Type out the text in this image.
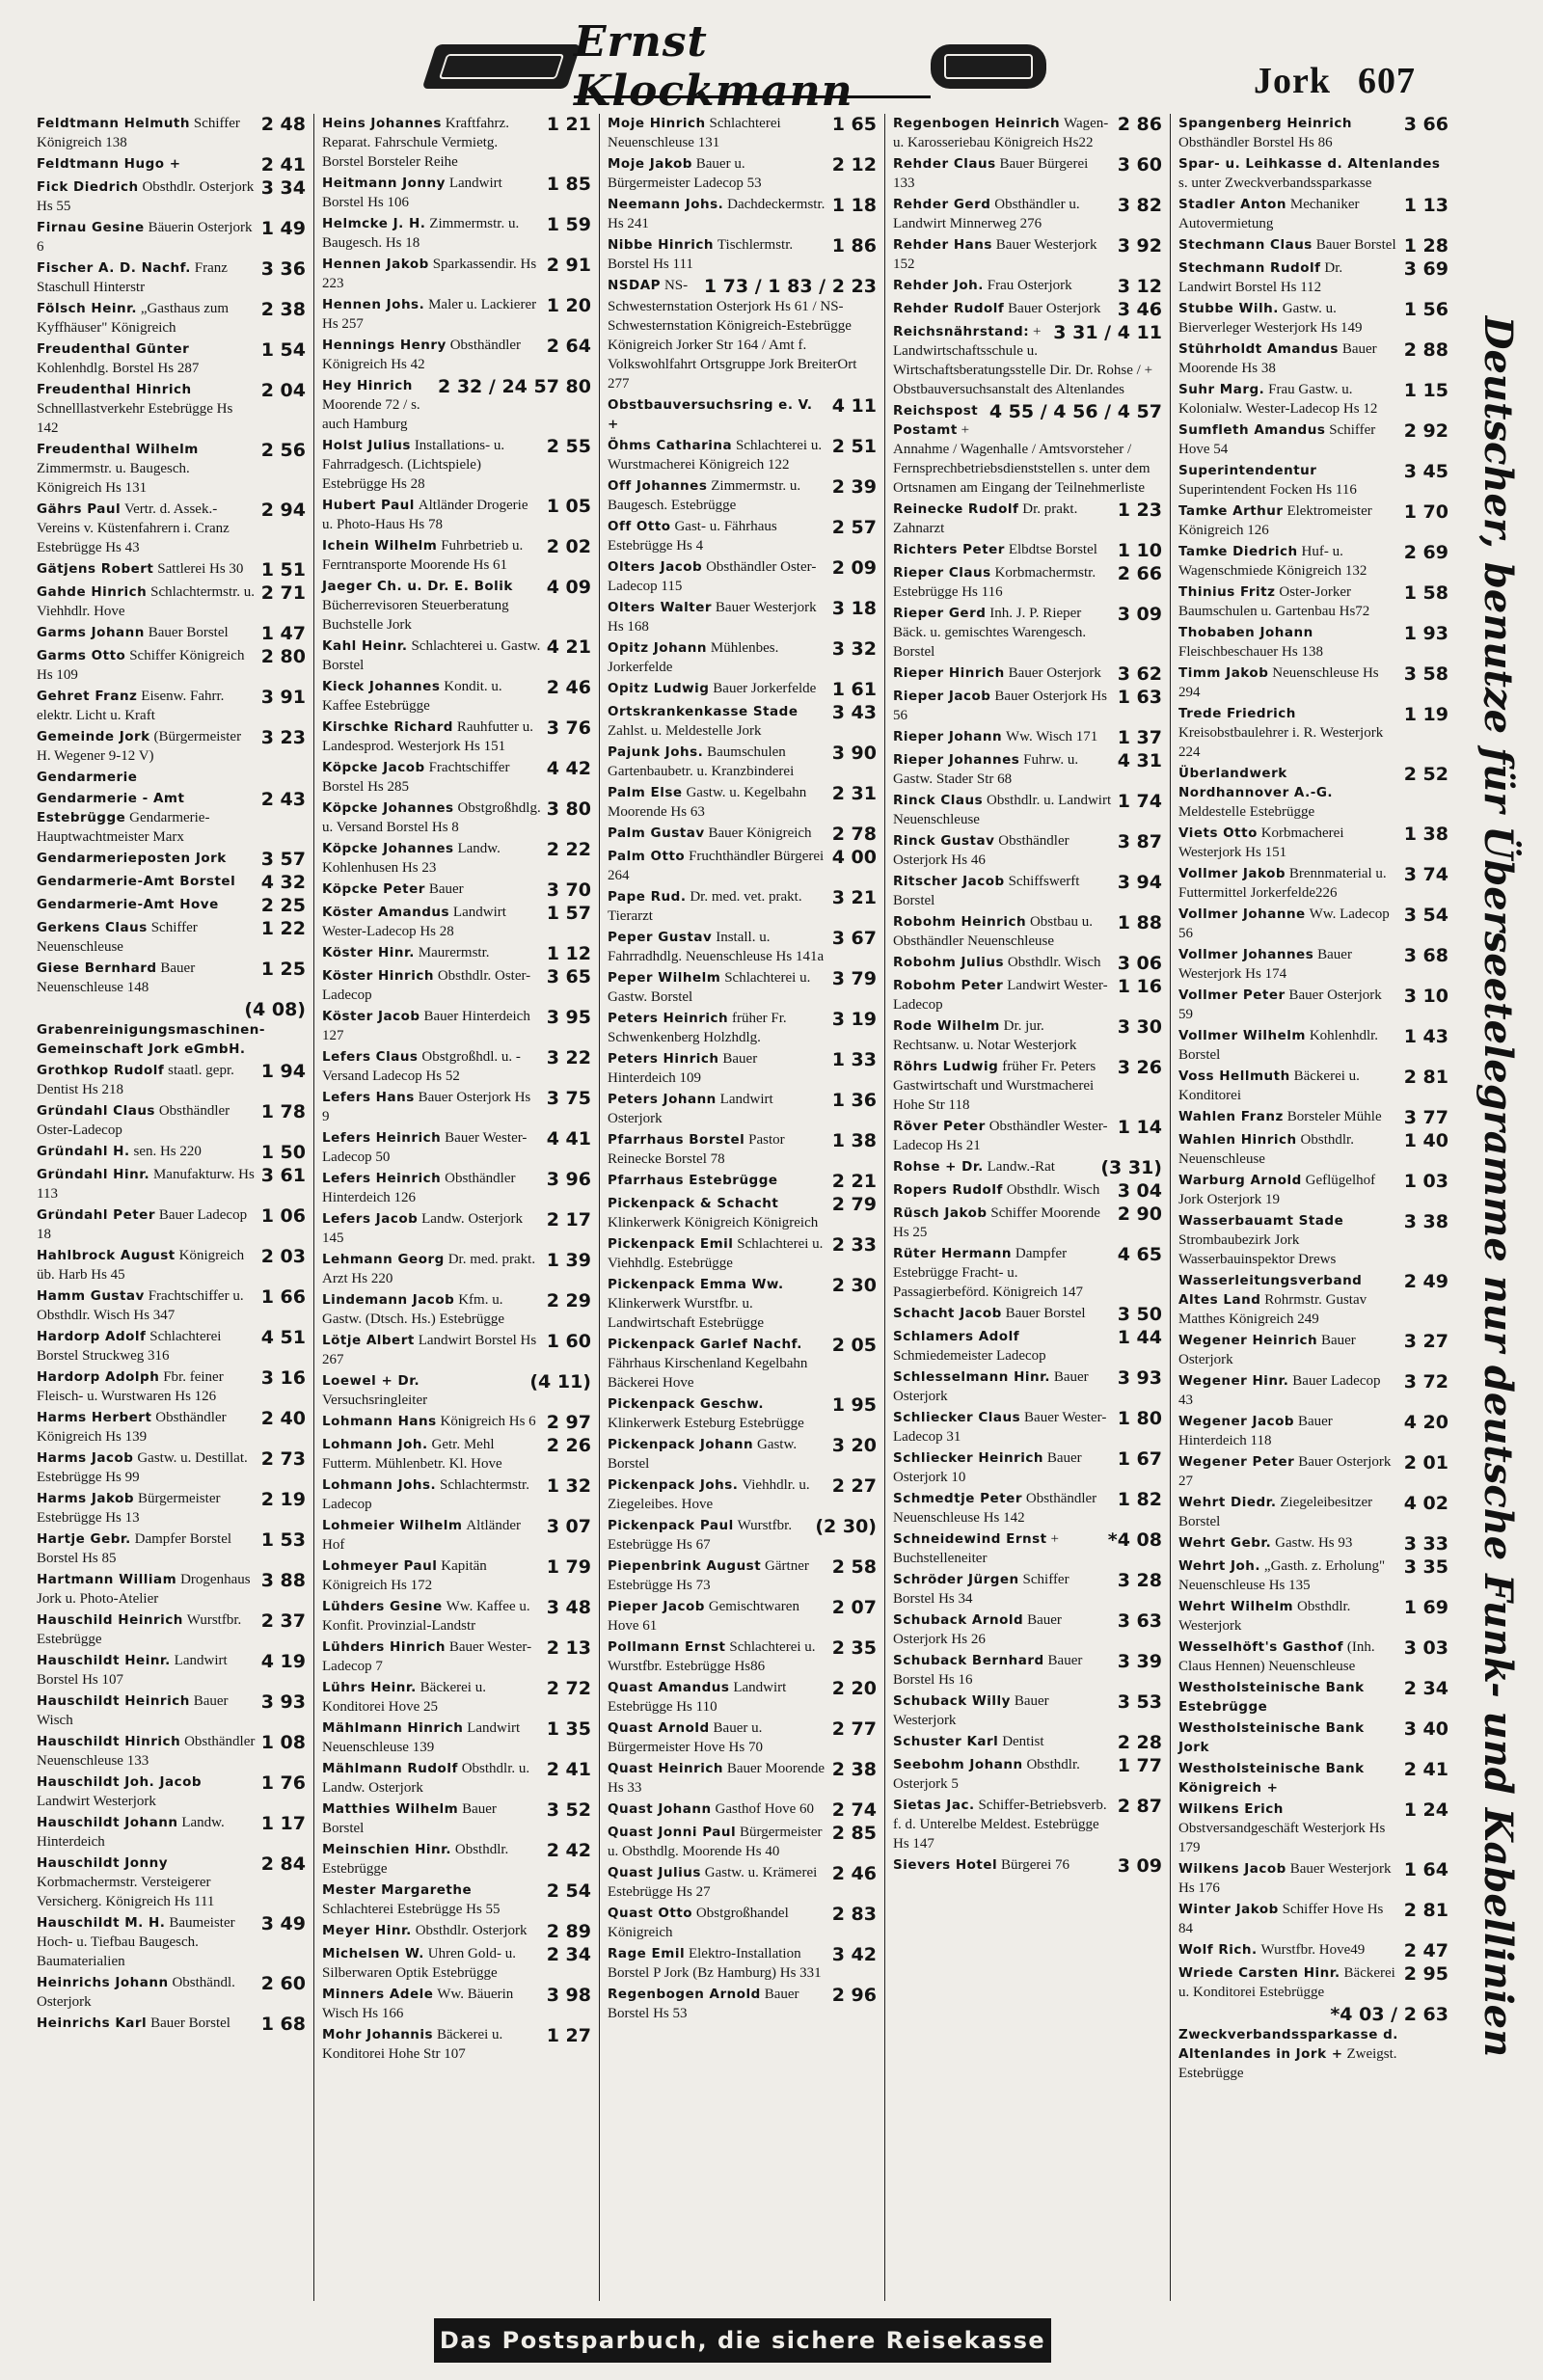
Ernst Klockmann	Jork 607
2 48
Feldtmann Helmuth Schiffer Königreich 138
2 41
Feldtmann Hugo +
3 34
Fick Diedrich Obsthdlr. Osterjork Hs 55
1 49
Firnau Gesine Bäuerin Osterjork 6
3 36
Fischer A. D. Nachf. Franz Staschull Hinterstr
2 38
Fölsch Heinr. „Gasthaus zum Kyffhäuser" Königreich
1 54
Freudenthal Günter Kohlenhdlg. Borstel Hs 287
2 04
Freudenthal Hinrich Schnelllastverkehr Estebrügge Hs 142
2 56
Freudenthal Wilhelm Zimmermstr. u. Baugesch. Königreich Hs 131
2 94
Gährs Paul Vertr. d. Assek.-Vereins v. Küstenfahrern i. Cranz Estebrügge Hs 43
1 51
Gätjens Robert Sattlerei Hs 30
2 71
Gahde Hinrich Schlachtermstr. u. Viehhdlr. Hove
1 47
Garms Johann Bauer Borstel
2 80
Garms Otto Schiffer Königreich Hs 109
3 91
Gehret Franz Eisenw. Fahrr. elektr. Licht u. Kraft
3 23
Gemeinde Jork (Bürgermeister H. Wegener 9-12 V)
Gendarmerie
2 43
Gendarmerie - Amt Estebrügge Gendarmerie-Hauptwachtmeister Marx
3 57
Gendarmerieposten Jork
4 32
Gendarmerie-Amt Borstel
2 25
Gendarmerie-Amt Hove
1 22
Gerkens Claus Schiffer Neuenschleuse
1 25
Giese Bernhard Bauer Neuenschleuse 148
(4 08)
Grabenreinigungsmaschinen-Gemeinschaft Jork eGmbH.
1 94
Grothkop Rudolf staatl. gepr. Dentist Hs 218
1 78
Gründahl Claus Obsthändler Oster-Ladecop
1 50
Gründahl H. sen. Hs 220
3 61
Gründahl Hinr. Manufakturw. Hs 113
1 06
Gründahl Peter Bauer Ladecop 18
2 03
Hahlbrock August Königreich üb. Harb Hs 45
1 66
Hamm Gustav Frachtschiffer u. Obsthdlr. Wisch Hs 347
4 51
Hardorp Adolf Schlachterei Borstel Struckweg 316
3 16
Hardorp Adolph Fbr. feiner Fleisch- u. Wurstwaren Hs 126
2 40
Harms Herbert Obsthändler Königreich Hs 139
2 73
Harms Jacob Gastw. u. Destillat. Estebrügge Hs 99
2 19
Harms Jakob Bürgermeister Estebrügge Hs 13
1 53
Hartje Gebr. Dampfer Borstel Borstel Hs 85
3 88
Hartmann William Drogenhaus Jork u. Photo-Atelier
2 37
Hauschild Heinrich Wurstfbr. Estebrügge
4 19
Hauschildt Heinr. Landwirt Borstel Hs 107
3 93
Hauschildt Heinrich Bauer Wisch
1 08
Hauschildt Hinrich Obsthändler Neuenschleuse 133
1 76
Hauschildt Joh. Jacob Landwirt Westerjork
1 17
Hauschildt Johann Landw. Hinterdeich
2 84
Hauschildt Jonny Korbmachermstr. Versteigerer Versicherg. Königreich Hs 111
3 49
Hauschildt M. H. Baumeister Hoch- u. Tiefbau Baugesch. Baumaterialien
2 60
Heinrichs Johann Obsthändl. Osterjork
1 68
Heinrichs Karl Bauer Borstel
1 21
Heins Johannes Kraftfahrz. Reparat. Fahrschule Vermietg. Borstel Borsteler Reihe
1 85
Heitmann Jonny Landwirt Borstel Hs 106
1 59
Helmcke J. H. Zimmermstr. u. Baugesch. Hs 18
2 91
Hennen Jakob Sparkassendir. Hs 223
1 20
Hennen Johs. Maler u. Lackierer Hs 257
2 64
Hennings Henry Obsthändler Königreich Hs 42
2 32 / 24 57 80
Hey Hinrich Moorende 72 / s. auch Hamburg
2 55
Holst Julius Installations- u. Fahrradgesch. (Lichtspiele) Estebrügge Hs 28
1 05
Hubert Paul Altländer Drogerie u. Photo-Haus Hs 78
2 02
Ichein Wilhelm Fuhrbetrieb u. Ferntransporte Moorende Hs 61
4 09
Jaeger Ch. u. Dr. E. Bolik Bücherrevisoren Steuerberatung Buchstelle Jork
4 21
Kahl Heinr. Schlachterei u. Gastw. Borstel
2 46
Kieck Johannes Kondit. u. Kaffee Estebrügge
3 76
Kirschke Richard Rauhfutter u. Landesprod. Westerjork Hs 151
4 42
Köpcke Jacob Frachtschiffer Borstel Hs 285
3 80
Köpcke Johannes Obstgroßhdlg. u. Versand Borstel Hs 8
2 22
Köpcke Johannes Landw. Kohlenhusen Hs 23
3 70
Köpcke Peter Bauer
1 57
Köster Amandus Landwirt Wester-Ladecop Hs 28
1 12
Köster Hinr. Maurermstr.
3 65
Köster Hinrich Obsthdlr. Oster-Ladecop
3 95
Köster Jacob Bauer Hinterdeich 127
3 22
Lefers Claus Obstgroßhdl. u. -Versand Ladecop Hs 52
3 75
Lefers Hans Bauer Osterjork Hs 9
4 41
Lefers Heinrich Bauer Wester-Ladecop 50
3 96
Lefers Heinrich Obsthändler Hinterdeich 126
2 17
Lefers Jacob Landw. Osterjork 145
1 39
Lehmann Georg Dr. med. prakt. Arzt Hs 220
2 29
Lindemann Jacob Kfm. u. Gastw. (Dtsch. Hs.) Estebrügge
1 60
Lötje Albert Landwirt Borstel Hs 267
(4 11)
Loewel + Dr. Versuchsringleiter
2 97
Lohmann Hans Königreich Hs 6
2 26
Lohmann Joh. Getr. Mehl Futterm. Mühlenbetr. Kl. Hove
1 32
Lohmann Johs. Schlachtermstr. Ladecop
3 07
Lohmeier Wilhelm Altländer Hof
1 79
Lohmeyer Paul Kapitän Königreich Hs 172
3 48
Lühders Gesine Ww. Kaffee u. Konfit. Provinzial-Landstr
2 13
Lühders Hinrich Bauer Wester-Ladecop 7
2 72
Lührs Heinr. Bäckerei u. Konditorei Hove 25
1 35
Mählmann Hinrich Landwirt Neuenschleuse 139
2 41
Mählmann Rudolf Obsthdlr. u. Landw. Osterjork
3 52
Matthies Wilhelm Bauer Borstel
2 42
Meinschien Hinr. Obsthdlr. Estebrügge
2 54
Mester Margarethe Schlachterei Estebrügge Hs 55
2 89
Meyer Hinr. Obsthdlr. Osterjork
2 34
Michelsen W. Uhren Gold- u. Silberwaren Optik Estebrügge
3 98
Minners Adele Ww. Bäuerin Wisch Hs 166
1 27
Mohr Johannis Bäckerei u. Konditorei Hohe Str 107
1 65
Moje Hinrich Schlachterei Neuenschleuse 131
2 12
Moje Jakob Bauer u. Bürgermeister Ladecop 53
1 18
Neemann Johs. Dachdeckermstr. Hs 241
1 86
Nibbe Hinrich Tischlermstr. Borstel Hs 111
1 73 / 1 83 / 2 23
NSDAP NS-Schwesternstation Osterjork Hs 61 / NS-Schwesternstation Königreich-Estebrügge Königreich Jorker Str 164 / Amt f. Volkswohlfahrt Ortsgruppe Jork BreiterOrt 277
4 11
Obstbauversuchsring e. V. +
2 51
Öhms Catharina Schlachterei u. Wurstmacherei Königreich 122
2 39
Off Johannes Zimmermstr. u. Baugesch. Estebrügge
2 57
Off Otto Gast- u. Fährhaus Estebrügge Hs 4
2 09
Olters Jacob Obsthändler Oster-Ladecop 115
3 18
Olters Walter Bauer Westerjork Hs 168
3 32
Opitz Johann Mühlenbes. Jorkerfelde
1 61
Opitz Ludwig Bauer Jorkerfelde
3 43
Ortskrankenkasse Stade Zahlst. u. Meldestelle Jork
3 90
Pajunk Johs. Baumschulen Gartenbaubetr. u. Kranzbinderei
2 31
Palm Else Gastw. u. Kegelbahn Moorende Hs 63
2 78
Palm Gustav Bauer Königreich
4 00
Palm Otto Fruchthändler Bürgerei 264
3 21
Pape Rud. Dr. med. vet. prakt. Tierarzt
3 67
Peper Gustav Install. u. Fahrradhdlg. Neuenschleuse Hs 141a
3 79
Peper Wilhelm Schlachterei u. Gastw. Borstel
3 19
Peters Heinrich früher Fr. Schwenkenberg Holzhdlg.
1 33
Peters Hinrich Bauer Hinterdeich 109
1 36
Peters Johann Landwirt Osterjork
1 38
Pfarrhaus Borstel Pastor Reinecke Borstel 78
2 21
Pfarrhaus Estebrügge
2 79
Pickenpack & Schacht Klinkerwerk Königreich Königreich
2 33
Pickenpack Emil Schlachterei u. Viehhdlg. Estebrügge
2 30
Pickenpack Emma Ww. Klinkerwerk Wurstfbr. u. Landwirtschaft Estebrügge
2 05
Pickenpack Garlef Nachf. Fährhaus Kirschenland Kegelbahn Bäckerei Hove
1 95
Pickenpack Geschw. Klinkerwerk Esteburg Estebrügge
3 20
Pickenpack Johann Gastw. Borstel
2 27
Pickenpack Johs. Viehhdlr. u. Ziegeleibes. Hove
(2 30)
Pickenpack Paul Wurstfbr. Estebrügge Hs 67
2 58
Piepenbrink August Gärtner Estebrügge Hs 73
2 07
Pieper Jacob Gemischtwaren Hove 61
2 35
Pollmann Ernst Schlachterei u. Wurstfbr. Estebrügge Hs86
2 20
Quast Amandus Landwirt Estebrügge Hs 110
2 77
Quast Arnold Bauer u. Bürgermeister Hove Hs 70
2 38
Quast Heinrich Bauer Moorende Hs 33
2 74
Quast Johann Gasthof Hove 60
2 85
Quast Jonni Paul Bürgermeister u. Obsthdlg. Moorende Hs 40
2 46
Quast Julius Gastw. u. Krämerei Estebrügge Hs 27
2 83
Quast Otto Obstgroßhandel Königreich
3 42
Rage Emil Elektro-Installation Borstel P Jork (Bz Hamburg) Hs 331
2 96
Regenbogen Arnold Bauer Borstel Hs 53
2 86
Regenbogen Heinrich Wagen- u. Karosseriebau Königreich Hs22
3 60
Rehder Claus Bauer Bürgerei 133
3 82
Rehder Gerd Obsthändler u. Landwirt Minnerweg 276
3 92
Rehder Hans Bauer Westerjork 152
3 12
Rehder Joh. Frau Osterjork
3 46
Rehder Rudolf Bauer Osterjork
3 31 / 4 11
Reichsnährstand: + Landwirtschaftsschule u. Wirtschaftsberatungsstelle Dir. Dr. Rohse / + Obstbauversuchsanstalt des Altenlandes
4 55 / 4 56 / 4 57
Reichspost Postamt + Annahme / Wagenhalle / Amtsvorsteher / Fernsprechbetriebsdienststellen s. unter dem Ortsnamen am Eingang der Teilnehmerliste
1 23
Reinecke Rudolf Dr. prakt. Zahnarzt
1 10
Richters Peter Elbdtse Borstel
2 66
Rieper Claus Korbmachermstr. Estebrügge Hs 116
3 09
Rieper Gerd Inh. J. P. Rieper Bäck. u. gemischtes Warengesch. Borstel
3 62
Rieper Hinrich Bauer Osterjork
1 63
Rieper Jacob Bauer Osterjork Hs 56
1 37
Rieper Johann Ww. Wisch 171
4 31
Rieper Johannes Fuhrw. u. Gastw. Stader Str 68
1 74
Rinck Claus Obsthdlr. u. Landwirt Neuenschleuse
3 87
Rinck Gustav Obsthändler Osterjork Hs 46
3 94
Ritscher Jacob Schiffswerft Borstel
1 88
Robohm Heinrich Obstbau u. Obsthändler Neuenschleuse
3 06
Robohm Julius Obsthdlr. Wisch
1 16
Robohm Peter Landwirt Wester-Ladecop
3 30
Rode Wilhelm Dr. jur. Rechtsanw. u. Notar Westerjork
3 26
Röhrs Ludwig früher Fr. Peters Gastwirtschaft und Wurstmacherei Hohe Str 118
1 14
Röver Peter Obsthändler Wester-Ladecop Hs 21
(3 31)
Rohse + Dr. Landw.-Rat
3 04
Ropers Rudolf Obsthdlr. Wisch
2 90
Rüsch Jakob Schiffer Moorende Hs 25
4 65
Rüter Hermann Dampfer Estebrügge Fracht- u. Passagierbeförd. Königreich 147
3 50
Schacht Jacob Bauer Borstel
1 44
Schlamers Adolf Schmiedemeister Ladecop
3 93
Schlesselmann Hinr. Bauer Osterjork
1 80
Schliecker Claus Bauer Wester-Ladecop 31
1 67
Schliecker Heinrich Bauer Osterjork 10
1 82
Schmedtje Peter Obsthändler Neuenschleuse Hs 142
*4 08
Schneidewind Ernst + Buchstelleneiter
3 28
Schröder Jürgen Schiffer Borstel Hs 34
3 63
Schuback Arnold Bauer Osterjork Hs 26
3 39
Schuback Bernhard Bauer Borstel Hs 16
3 53
Schuback Willy Bauer Westerjork
2 28
Schuster Karl Dentist
1 77
Seebohm Johann Obsthdlr. Osterjork 5
2 87
Sietas Jac. Schiffer-Betriebsverb. f. d. Unterelbe Meldest. Estebrügge Hs 147
3 09
Sievers Hotel Bürgerei 76
3 66
Spangenberg Heinrich Obsthändler Borstel Hs 86
Spar- u. Leihkasse d. Altenlandes s. unter Zweckverbandssparkasse
1 13
Stadler Anton Mechaniker Autovermietung
1 28
Stechmann Claus Bauer Borstel
3 69
Stechmann Rudolf Dr. Landwirt Borstel Hs 112
1 56
Stubbe Wilh. Gastw. u. Bierverleger Westerjork Hs 149
2 88
Stührholdt Amandus Bauer Moorende Hs 38
1 15
Suhr Marg. Frau Gastw. u. Kolonialw. Wester-Ladecop Hs 12
2 92
Sumfleth Amandus Schiffer Hove 54
3 45
Superintendentur Superintendent Focken Hs 116
1 70
Tamke Arthur Elektromeister Königreich 126
2 69
Tamke Diedrich Huf- u. Wagenschmiede Königreich 132
1 58
Thinius Fritz Oster-Jorker Baumschulen u. Gartenbau Hs72
1 93
Thobaben Johann Fleischbeschauer Hs 138
3 58
Timm Jakob Neuenschleuse Hs 294
1 19
Trede Friedrich Kreisobstbaulehrer i. R. Westerjork 224
2 52
Überlandwerk Nordhannover A.-G. Meldestelle Estebrügge
1 38
Viets Otto Korbmacherei Westerjork Hs 151
3 74
Vollmer Jakob Brennmaterial u. Futtermittel Jorkerfelde226
3 54
Vollmer Johanne Ww. Ladecop 56
3 68
Vollmer Johannes Bauer Westerjork Hs 174
3 10
Vollmer Peter Bauer Osterjork 59
1 43
Vollmer Wilhelm Kohlenhdlr. Borstel
2 81
Voss Hellmuth Bäckerei u. Konditorei
3 77
Wahlen Franz Borsteler Mühle
1 40
Wahlen Hinrich Obsthdlr. Neuenschleuse
1 03
Warburg Arnold Geflügelhof Jork Osterjork 19
3 38
Wasserbauamt Stade Strombaubezirk Jork Wasserbauinspektor Drews
2 49
Wasserleitungsverband Altes Land Rohrmstr. Gustav Matthes Königreich 249
3 27
Wegener Heinrich Bauer Osterjork
3 72
Wegener Hinr. Bauer Ladecop 43
4 20
Wegener Jacob Bauer Hinterdeich 118
2 01
Wegener Peter Bauer Osterjork 27
4 02
Wehrt Diedr. Ziegeleibesitzer Borstel
3 33
Wehrt Gebr. Gastw. Hs 93
3 35
Wehrt Joh. „Gasth. z. Erholung" Neuenschleuse Hs 135
1 69
Wehrt Wilhelm Obsthdlr. Westerjork
3 03
Wesselhöft's Gasthof (Inh. Claus Hennen) Neuenschleuse
2 34
Westholsteinische Bank Estebrügge
3 40
Westholsteinische Bank Jork
2 41
Westholsteinische Bank Königreich +
1 24
Wilkens Erich Obstversandgeschäft Westerjork Hs 179
1 64
Wilkens Jacob Bauer Westerjork Hs 176
2 81
Winter Jakob Schiffer Hove Hs 84
2 47
Wolf Rich. Wurstfbr. Hove49
2 95
Wriede Carsten Hinr. Bäckerei u. Konditorei Estebrügge
*4 03 / 2 63
Zweckverbandssparkasse d. Altenlandes in Jork + Zweigst. Estebrügge
Deutscher, benutze für Überseetelegramme nur deutsche Funk- und Kabellinien
Das Postsparbuch, die sichere Reisekasse
